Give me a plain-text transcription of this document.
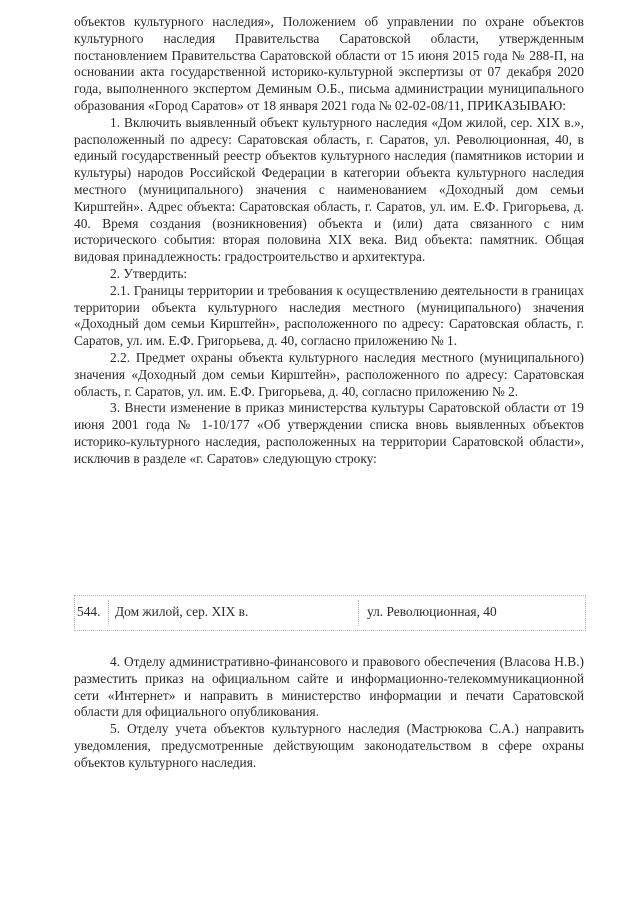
объектов культурного наследия», Положением об управлении по охране объектов культурного наследия Правительства Саратовской области, утвержденным постановлением Правительства Саратовской области от 15 июня 2015 года № 288-П, на основании акта государственной историко-культурной экспертизы от 07 декабря 2020 года, выполненного экспертом Деминым О.Б., письма администрации муниципального образования «Город Саратов» от 18 января 2021 года № 02-02-08/11, ПРИКАЗЫВАЮ:

1. Включить выявленный объект культурного наследия «Дом жилой, сер. XIX в.», расположенный по адресу: Саратовская область, г. Саратов, ул. Революционная, 40, в единый государственный реестр объектов культурного наследия (памятников истории и культуры) народов Российской Федерации в категории объекта культурного наследия местного (муниципального) значения с наименованием «Доходный дом семьи Кирштейн». Адрес объекта: Саратовская область, г. Саратов, ул. им. Е.Ф. Григорьева, д. 40. Время создания (возникновения) объекта и (или) дата связанного с ним исторического события: вторая половина XIX века. Вид объекта: памятник. Общая видовая принадлежность: градостроительство и архитектура.

2. Утвердить:

2.1. Границы территории и требования к осуществлению деятельности в границах территории объекта культурного наследия местного (муниципального) значения «Доходный дом семьи Кирштейн», расположенного по адресу: Саратовская область, г. Саратов, ул. им. Е.Ф. Григорьева, д. 40, согласно приложению № 1.

2.2. Предмет охраны объекта культурного наследия местного (муниципального) значения «Доходный дом семьи Кирштейн», расположенного по адресу: Саратовская область, г. Саратов, ул. им. Е.Ф. Григорьева, д. 40, согласно приложению № 2.

3. Внести изменение в приказ министерства культуры Саратовской области от 19 июня 2001 года № 1-10/177 «Об утверждении списка вновь выявленных объектов историко-культурного наследия, расположенных на территории Саратовской области», исключив в разделе «г. Саратов» следующую строку:

544. Дом жилой, сер. XIX в.	ул. Революционная, 40

4. Отделу административно-финансового и правового обеспечения (Власова Н.В.) разместить приказ на официальном сайте и информационно-телекоммуникационной сети «Интернет» и направить в министерство информации и печати Саратовской области для официального опубликования.

5. Отделу учета объектов культурного наследия (Мастрюкова С.А.) направить уведомления, предусмотренные действующим законодательством в сфере охраны объектов культурного наследия.
